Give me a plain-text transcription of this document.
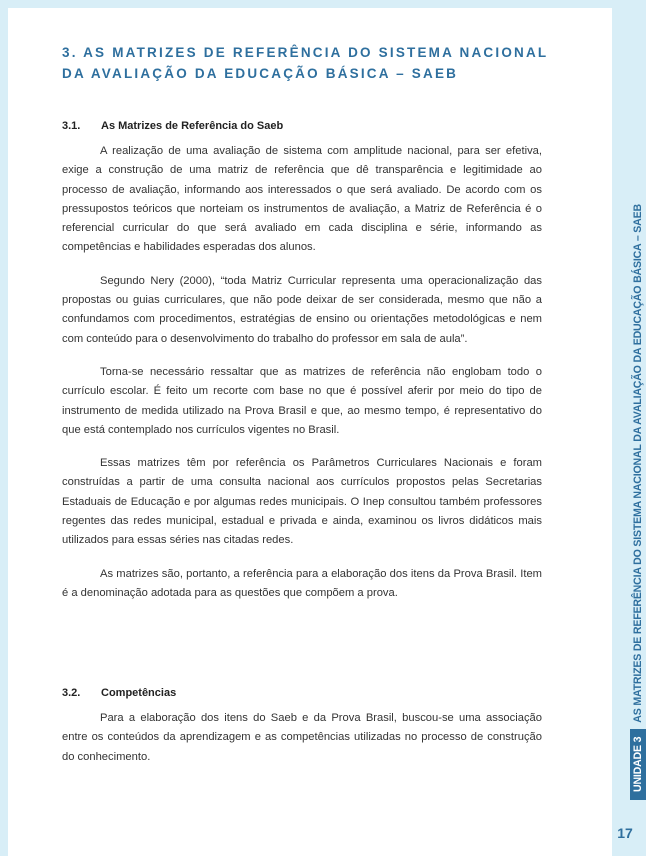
3. AS MATRIZES DE REFERÊNCIA DO SISTEMA NACIONAL
DA AVALIAÇÃO DA EDUCAÇÃO BÁSICA – SAEB
3.1. As Matrizes de Referência do Saeb

A realização de uma avaliação de sistema com amplitude nacional, para ser efetiva, exige a construção de uma matriz de referência que dê transparência e legitimidade ao processo de avaliação, informando aos interessados o que será avaliado. De acordo com os pressupostos teóricos que norteiam os instrumentos de avaliação, a Matriz de Referência é o referencial curricular do que será avaliado em cada disciplina e série, informando as competências e habilidades esperadas dos alunos.

Segundo Nery (2000), “toda Matriz Curricular representa uma operacionalização das propostas ou guias curriculares, que não pode deixar de ser considerada, mesmo que não a confundamos com procedimentos, estratégias de ensino ou orientações metodológicas e nem com conteúdo para o desenvolvimento do trabalho do professor em sala de aula”.

Torna-se necessário ressaltar que as matrizes de referência não englobam todo o currículo escolar. É feito um recorte com base no que é possível aferir por meio do tipo de instrumento de medida utilizado na Prova Brasil e que, ao mesmo tempo, é representativo do que está contemplado nos currículos vigentes no Brasil.

Essas matrizes têm por referência os Parâmetros Curriculares Nacionais e foram construídas a partir de uma consulta nacional aos currículos propostos pelas Secretarias Estaduais de Educação e por algumas redes municipais. O Inep consultou também professores regentes das redes municipal, estadual e privada e ainda, examinou os livros didáticos mais utilizados para essas séries nas citadas redes.

As matrizes são, portanto, a referência para a elaboração dos itens da Prova Brasil. Item é a denominação adotada para as questões que compõem a prova.

3.2. Competências

Para a elaboração dos itens do Saeb e da Prova Brasil, buscou-se uma associação entre os conteúdos da aprendizagem e as competências utilizadas no processo de construção do conhecimento.	UNIDADE 3AS MATRIZES DE REFERÊNCIA DO SISTEMA NACIONAL DA AVALIAÇÃO DA EDUCAÇÃO BÁSICA – SAEB
17
